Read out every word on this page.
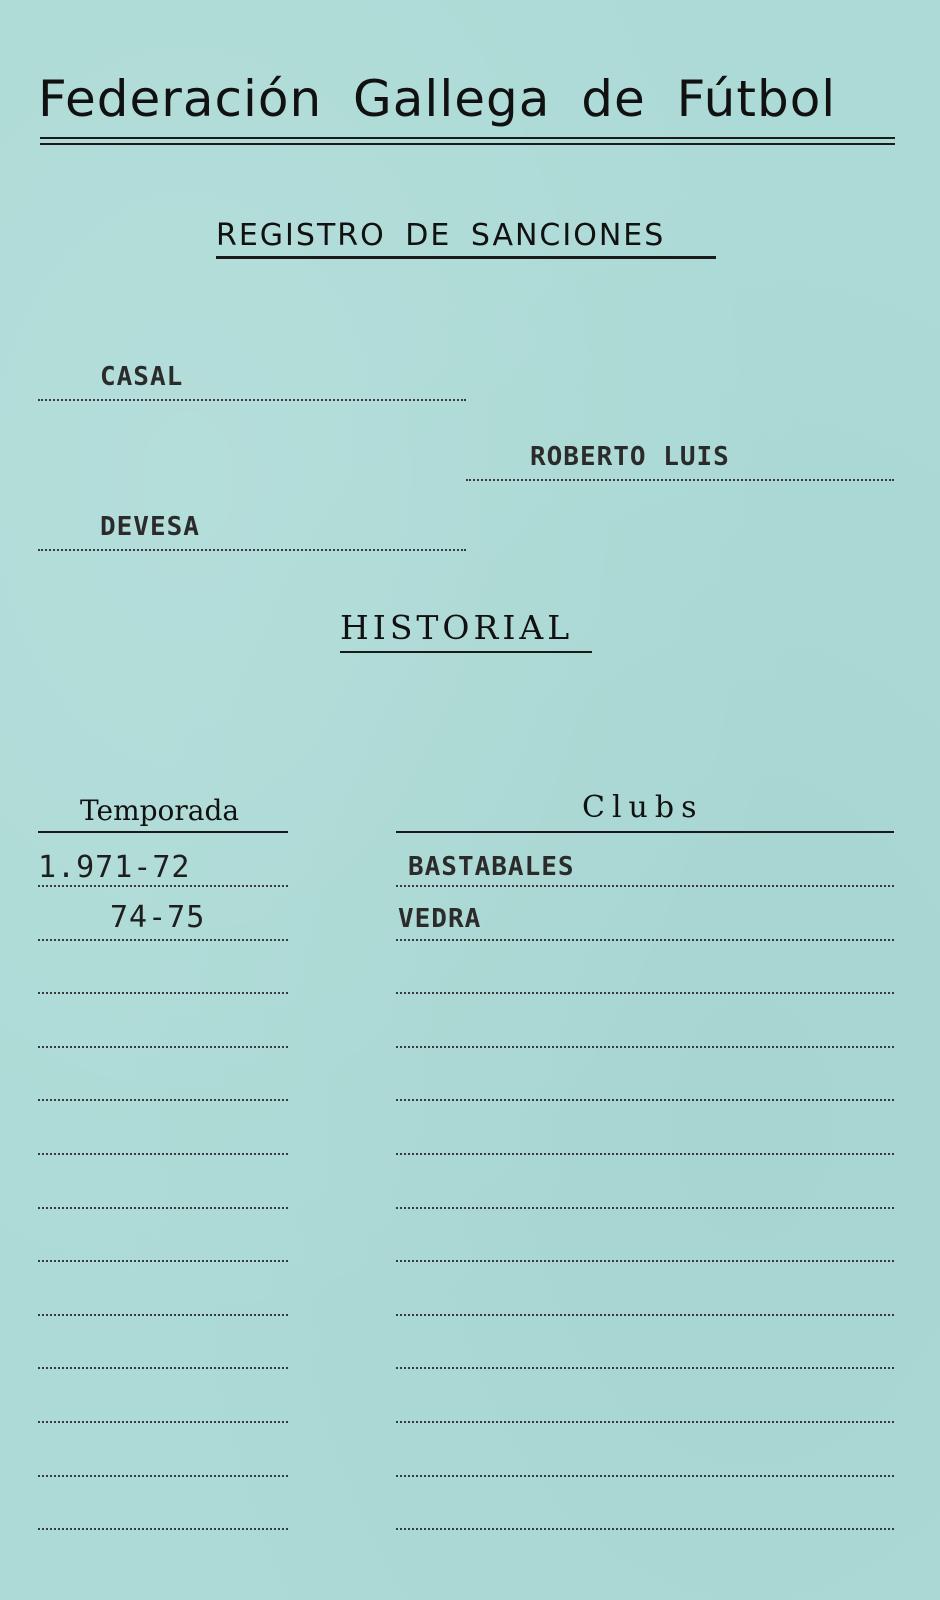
Federación Gallega de Fútbol
REGISTRO DE SANCIONES
CASAL
ROBERTO LUIS
DEVESA
HISTORIAL
Temporada	Clubs
1.971-72	BASTABALES
74-75	VEDRA
